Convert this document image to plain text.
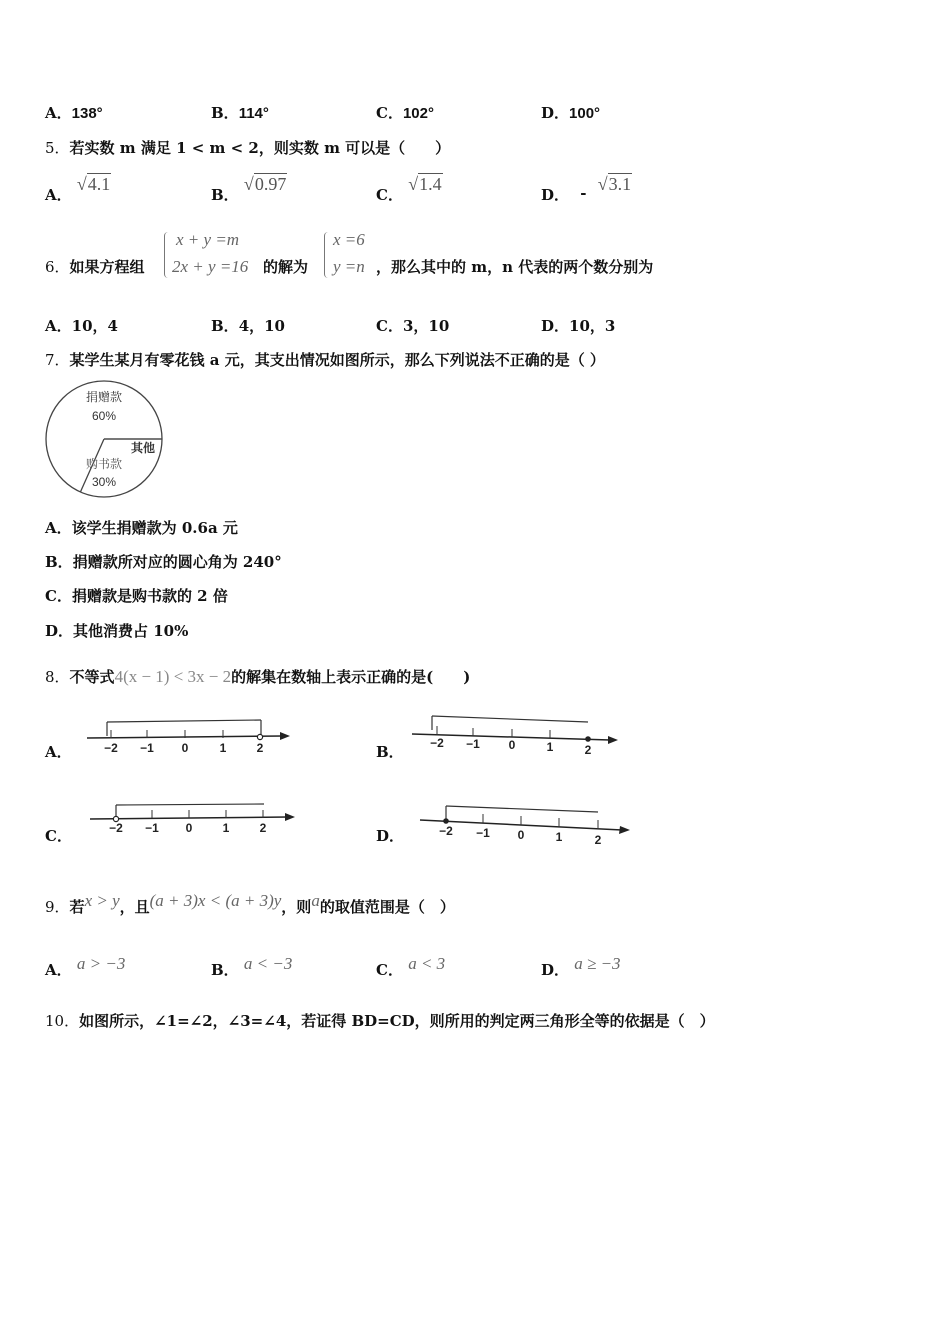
A．138°	B．114°	C．102°	D．100°
5．若实数 m 满足 1 < m < 2，则实数 m 可以是（　　）
A． √4.1
B． √0.97
C． √1.4
D． - √3.1
6．如果方程组
x + y =m
2x + y =16 的解为
x =6
y =n ，那么其中的 m，n 代表的两个数分别为
A．10，4	B．4，10	C．3，10	D．10，3
7．某学生某月有零花钱 a 元，其支出情况如图所示，那么下列说法不正确的是（ ）
捐赠款
60%
其他
购书款
30%
A．该学生捐赠款为 0.6a 元
B．捐赠款所对应的圆心角为 240°
C．捐赠款是购书款的 2 倍
D．其他消费占 10%
8．不等式4(x − 1) < 3x − 2的解集在数轴上表示正确的是(　　)
A．	−2 −1 0	1	2	B． −2 −1 0	1	2
C．	−2 −1 0	1	2	D．	−2 −1 0	1	2
9．若x > y，且(a + 3)x < (a + 3)y，则a的取值范围是（　）
A． a > −3	B． a < −3	C． a < 3	D． a ≥ −3
10．如图所示，∠1=∠2，∠3=∠4，若证得 BD=CD，则所用的判定两三角形全等的依据是（　）
